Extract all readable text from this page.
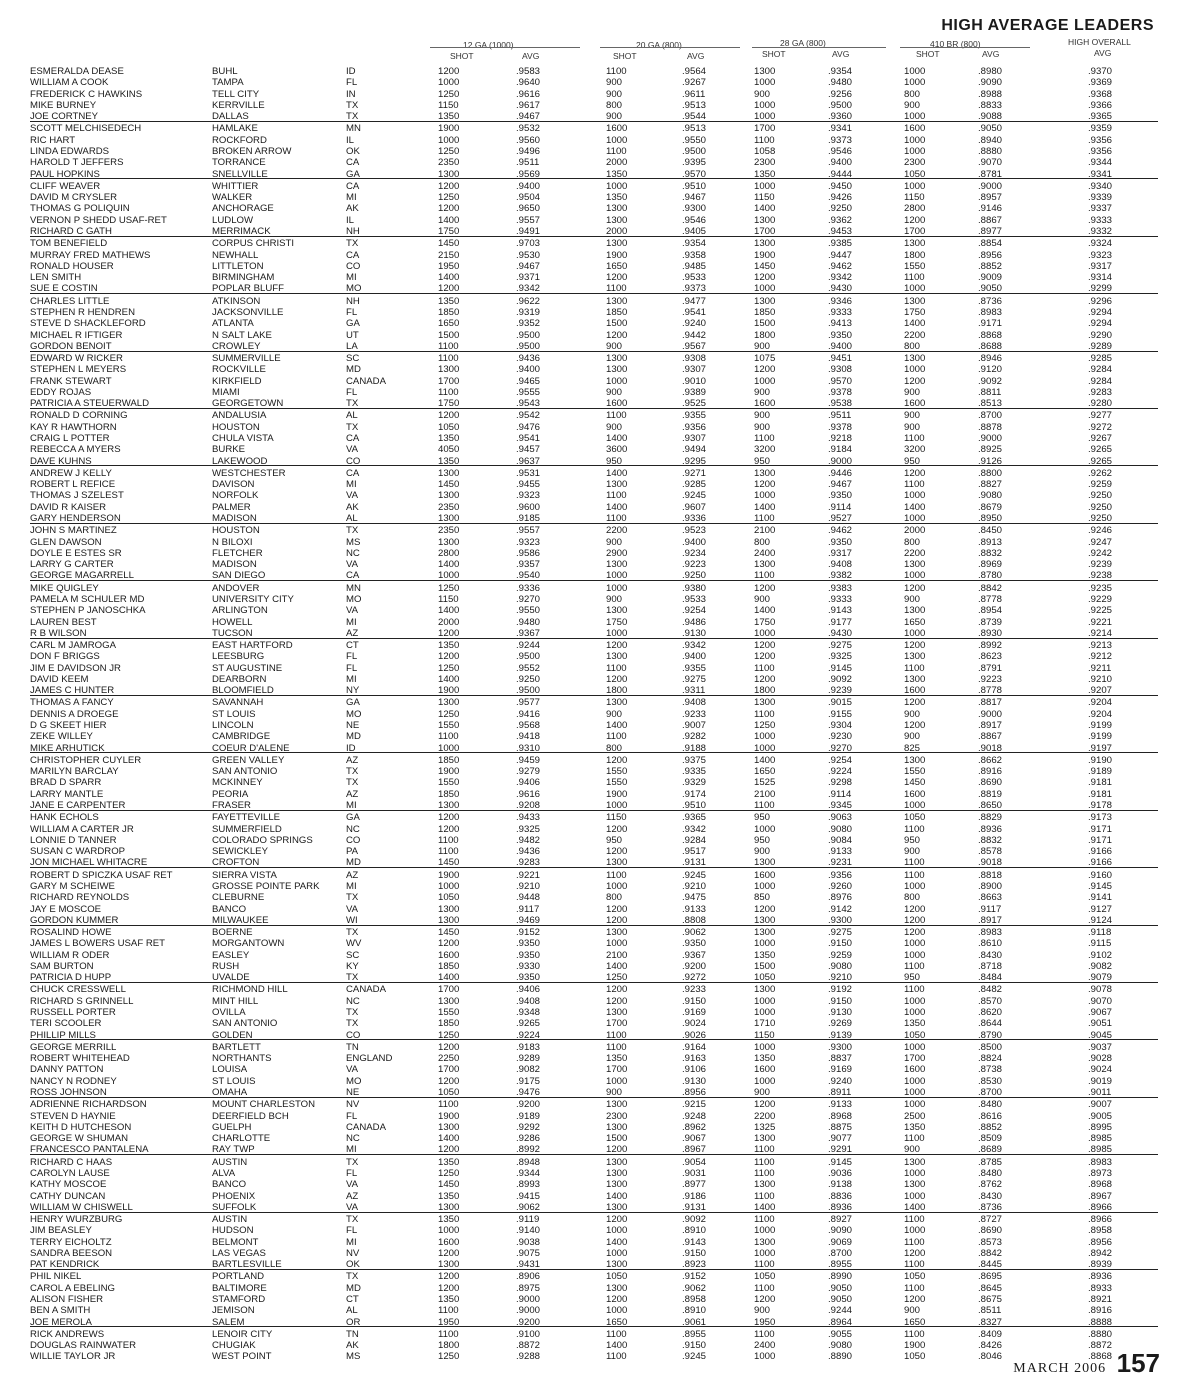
HIGH AVERAGE LEADERS
HIGH OVERALL
12 GA (1000)	20 GA (800)	28 GA (800)	410 BR (800)
SHOT	AVG	SHOT	AVG	SHOT	AVG	SHOT	AVG	AVG
ESMERALDA DEASE	BUHL	ID	1200	.9583	1100	.9564	1300	.9354	1000	.8980	.9370
WILLIAM A COOK	TAMPA	FL	1000	.9640	900	.9267	1000	.9480	1000	.9090	.9369
FREDERICK C HAWKINS	TELL CITY	IN	1250	.9616	900	.9611	900	.9256	800	.8988	.9368
MIKE BURNEY	KERRVILLE	TX	1150	.9617	800	.9513	1000	.9500	900	.8833	.9366
JOE CORTNEY	DALLAS	TX	1350	.9467	900	.9544	1000	.9360	1000	.9088	.9365
SCOTT MELCHISEDECH	HAMLAKE	MN	1900	.9532	1600	.9513	1700	.9341	1600	.9050	.9359
RIC HART	ROCKFORD	IL	1000	.9560	1000	.9550	1100	.9373	1000	.8940	.9356
LINDA EDWARDS	BROKEN ARROW	OK	1250	.9496	1100	.9500	1058	.9546	1000	.8880	.9356
HAROLD T JEFFERS	TORRANCE	CA	2350	.9511	2000	.9395	2300	.9400	2300	.9070	.9344
PAUL HOPKINS	SNELLVILLE	GA	1300	.9569	1350	.9570	1350	.9444	1050	.8781	.9341
CLIFF WEAVER	WHITTIER	CA	1200	.9400	1000	.9510	1000	.9450	1000	.9000	.9340
DAVID M CRYSLER	WALKER	MI	1250	.9504	1350	.9467	1150	.9426	1150	.8957	.9339
THOMAS G POLIQUIN	ANCHORAGE	AK	1200	.9650	1300	.9300	1400	.9250	2800	.9146	.9337
VERNON P SHEDD USAF-RET	LUDLOW	IL	1400	.9557	1300	.9546	1300	.9362	1200	.8867	.9333
RICHARD C GATH	MERRIMACK	NH	1750	.9491	2000	.9405	1700	.9453	1700	.8977	.9332
TOM BENEFIELD	CORPUS CHRISTI	TX	1450	.9703	1300	.9354	1300	.9385	1300	.8854	.9324
MURRAY FRED MATHEWS	NEWHALL	CA	2150	.9530	1900	.9358	1900	.9447	1800	.8956	.9323
RONALD HOUSER	LITTLETON	CO	1950	.9467	1650	.9485	1450	.9462	1550	.8852	.9317
LEN SMITH	BIRMINGHAM	MI	1400	.9371	1200	.9533	1200	.9342	1100	.9009	.9314
SUE E COSTIN	POPLAR BLUFF	MO	1200	.9342	1100	.9373	1000	.9430	1000	.9050	.9299
CHARLES LITTLE	ATKINSON	NH	1350	.9622	1300	.9477	1300	.9346	1300	.8736	.9296
STEPHEN R HENDREN	JACKSONVILLE	FL	1850	.9319	1850	.9541	1850	.9333	1750	.8983	.9294
STEVE D SHACKLEFORD	ATLANTA	GA	1650	.9352	1500	.9240	1500	.9413	1400	.9171	.9294
MICHAEL R IFTIGER	N SALT LAKE	UT	1500	.9500	1200	.9442	1800	.9350	2200	.8868	.9290
GORDON BENOIT	CROWLEY	LA	1100	.9500	900	.9567	900	.9400	800	.8688	.9289
EDWARD W RICKER	SUMMERVILLE	SC	1100	.9436	1300	.9308	1075	.9451	1300	.8946	.9285
STEPHEN L MEYERS	ROCKVILLE	MD	1300	.9400	1300	.9307	1200	.9308	1000	.9120	.9284
FRANK STEWART	KIRKFIELD	CANADA	1700	.9465	1000	.9010	1000	.9570	1200	.9092	.9284
EDDY ROJAS	MIAMI	FL	1100	.9555	900	.9389	900	.9378	900	.8811	.9283
PATRICIA A STEUERWALD	GEORGETOWN	TX	1750	.9543	1600	.9525	1600	.9538	1600	.8513	.9280
RONALD D CORNING	ANDALUSIA	AL	1200	.9542	1100	.9355	900	.9511	900	.8700	.9277
KAY R HAWTHORN	HOUSTON	TX	1050	.9476	900	.9356	900	.9378	900	.8878	.9272
CRAIG L POTTER	CHULA VISTA	CA	1350	.9541	1400	.9307	1100	.9218	1100	.9000	.9267
REBECCA A MYERS	BURKE	VA	4050	.9457	3600	.9494	3200	.9184	3200	.8925	.9265
DAVE KUHNS	LAKEWOOD	CO	1350	.9637	950	.9295	950	.9000	950	.9126	.9265
ANDREW J KELLY	WESTCHESTER	CA	1300	.9531	1400	.9271	1300	.9446	1200	.8800	.9262
ROBERT L REFICE	DAVISON	MI	1450	.9455	1300	.9285	1200	.9467	1100	.8827	.9259
THOMAS J SZELEST	NORFOLK	VA	1300	.9323	1100	.9245	1000	.9350	1000	.9080	.9250
DAVID R KAISER	PALMER	AK	2350	.9600	1400	.9607	1400	.9114	1400	.8679	.9250
GARY HENDERSON	MADISON	AL	1300	.9185	1100	.9336	1100	.9527	1000	.8950	.9250
JOHN S MARTINEZ	HOUSTON	TX	2350	.9557	2200	.9523	2100	.9462	2000	.8450	.9246
GLEN DAWSON	N BILOXI	MS	1300	.9323	900	.9400	800	.9350	800	.8913	.9247
DOYLE E ESTES SR	FLETCHER	NC	2800	.9586	2900	.9234	2400	.9317	2200	.8832	.9242
LARRY G CARTER	MADISON	VA	1400	.9357	1300	.9223	1300	.9408	1300	.8969	.9239
GEORGE MAGARRELL	SAN DIEGO	CA	1000	.9540	1000	.9250	1100	.9382	1000	.8780	.9238
MIKE QUIGLEY	ANDOVER	MN	1250	.9336	1000	.9380	1200	.9383	1200	.8842	.9235
PAMELA M SCHULER MD	UNIVERSITY CITY	MO	1150	.9270	900	.9533	900	.9333	900	.8778	.9229
STEPHEN P JANOSCHKA	ARLINGTON	VA	1400	.9550	1300	.9254	1400	.9143	1300	.8954	.9225
LAUREN BEST	HOWELL	MI	2000	.9480	1750	.9486	1750	.9177	1650	.8739	.9221
R B WILSON	TUCSON	AZ	1200	.9367	1000	.9130	1000	.9430	1000	.8930	.9214
CARL M JAMROGA	EAST HARTFORD	CT	1350	.9244	1200	.9342	1200	.9275	1200	.8992	.9213
DON F BRIGGS	LEESBURG	FL	1200	.9500	1300	.9400	1200	.9325	1300	.8623	.9212
JIM E DAVIDSON JR	ST AUGUSTINE	FL	1250	.9552	1100	.9355	1100	.9145	1100	.8791	.9211
DAVID KEEM	DEARBORN	MI	1400	.9250	1200	.9275	1200	.9092	1300	.9223	.9210
JAMES C HUNTER	BLOOMFIELD	NY	1900	.9500	1800	.9311	1800	.9239	1600	.8778	.9207
THOMAS A FANCY	SAVANNAH	GA	1300	.9577	1300	.9408	1300	.9015	1200	.8817	.9204
DENNIS A DROEGE	ST LOUIS	MO	1250	.9416	900	.9233	1100	.9155	900	.9000	.9204
D G SKEET HIER	LINCOLN	NE	1550	.9568	1400	.9007	1250	.9304	1200	.8917	.9199
ZEKE WILLEY	CAMBRIDGE	MD	1100	.9418	1100	.9282	1000	.9230	900	.8867	.9199
MIKE ARHUTICK	COEUR D'ALENE	ID	1000	.9310	800	.9188	1000	.9270	825	.9018	.9197
CHRISTOPHER CUYLER	GREEN VALLEY	AZ	1850	.9459	1200	.9375	1400	.9254	1300	.8662	.9190
MARILYN BARCLAY	SAN ANTONIO	TX	1900	.9279	1550	.9335	1650	.9224	1550	.8916	.9189
BRAD D SPARR	MCKINNEY	TX	1550	.9406	1550	.9329	1525	.9298	1450	.8690	.9181
LARRY MANTLE	PEORIA	AZ	1850	.9616	1900	.9174	2100	.9114	1600	.8819	.9181
JANE E CARPENTER	FRASER	MI	1300	.9208	1000	.9510	1100	.9345	1000	.8650	.9178
HANK ECHOLS	FAYETTEVILLE	GA	1200	.9433	1150	.9365	950	.9063	1050	.8829	.9173
WILLIAM A CARTER JR	SUMMERFIELD	NC	1200	.9325	1200	.9342	1000	.9080	1100	.8936	.9171
LONNIE D TANNER	COLORADO SPRINGS	CO	1100	.9482	950	.9284	950	.9084	950	.8832	.9171
SUSAN C WARDROP	SEWICKLEY	PA	1100	.9436	1200	.9517	900	.9133	900	.8578	.9166
JON MICHAEL WHITACRE	CROFTON	MD	1450	.9283	1300	.9131	1300	.9231	1100	.9018	.9166
ROBERT D SPICZKA USAF RET	SIERRA VISTA	AZ	1900	.9221	1100	.9245	1600	.9356	1100	.8818	.9160
GARY M SCHEIWE	GROSSE POINTE PARK	MI	1000	.9210	1000	.9210	1000	.9260	1000	.8900	.9145
RICHARD REYNOLDS	CLEBURNE	TX	1050	.9448	800	.9475	850	.8976	800	.8663	.9141
JAY E MOSCOE	BANCO	VA	1300	.9117	1200	.9133	1200	.9142	1200	.9117	.9127
GORDON KUMMER	MILWAUKEE	WI	1300	.9469	1200	.8808	1300	.9300	1200	.8917	.9124
ROSALIND HOWE	BOERNE	TX	1450	.9152	1300	.9062	1300	.9275	1200	.8983	.9118
JAMES L BOWERS USAF RET	MORGANTOWN	WV	1200	.9350	1000	.9350	1000	.9150	1000	.8610	.9115
WILLIAM R ODER	EASLEY	SC	1600	.9350	2100	.9367	1350	.9259	1000	.8430	.9102
SAM BURTON	RUSH	KY	1850	.9330	1400	.9200	1500	.9080	1100	.8718	.9082
PATRICIA D HUPP	UVALDE	TX	1400	.9350	1250	.9272	1050	.9210	950	.8484	.9079
CHUCK CRESSWELL	RICHMOND HILL	CANADA	1700	.9406	1200	.9233	1300	.9192	1100	.8482	.9078
RICHARD S GRINNELL	MINT HILL	NC	1300	.9408	1200	.9150	1000	.9150	1000	.8570	.9070
RUSSELL PORTER	OVILLA	TX	1550	.9348	1300	.9169	1000	.9130	1000	.8620	.9067
TERI SCOOLER	SAN ANTONIO	TX	1850	.9265	1700	.9024	1710	.9269	1350	.8644	.9051
PHILLIP MILLS	GOLDEN	CO	1250	.9224	1100	.9026	1150	.9139	1050	.8790	.9045
GEORGE MERRILL	BARTLETT	TN	1200	.9183	1100	.9164	1000	.9300	1000	.8500	.9037
ROBERT WHITEHEAD	NORTHANTS	ENGLAND	2250	.9289	1350	.9163	1350	.8837	1700	.8824	.9028
DANNY PATTON	LOUISA	VA	1700	.9082	1700	.9106	1600	.9169	1600	.8738	.9024
NANCY N RODNEY	ST LOUIS	MO	1200	.9175	1000	.9130	1000	.9240	1000	.8530	.9019
ROSS JOHNSON	OMAHA	NE	1050	.9476	900	.8956	900	.8911	1000	.8700	.9011
ADRIENNE RICHARDSON	MOUNT CHARLESTON	NV	1100	.9200	1300	.9215	1200	.9133	1000	.8480	.9007
STEVEN D HAYNIE	DEERFIELD BCH	FL	1900	.9189	2300	.9248	2200	.8968	2500	.8616	.9005
KEITH D HUTCHESON	GUELPH	CANADA	1300	.9292	1300	.8962	1325	.8875	1350	.8852	.8995
GEORGE W SHUMAN	CHARLOTTE	NC	1400	.9286	1500	.9067	1300	.9077	1100	.8509	.8985
FRANCESCO PANTALENA	RAY TWP	MI	1200	.8992	1200	.8967	1100	.9291	900	.8689	.8985
RICHARD C HAAS	AUSTIN	TX	1350	.8948	1300	.9054	1100	.9145	1300	.8785	.8983
CAROLYN LAUSE	ALVA	FL	1250	.9344	1300	.9031	1100	.9036	1000	.8480	.8973
KATHY MOSCOE	BANCO	VA	1450	.8993	1300	.8977	1300	.9138	1300	.8762	.8968
CATHY DUNCAN	PHOENIX	AZ	1350	.9415	1400	.9186	1100	.8836	1000	.8430	.8967
WILLIAM W CHISWELL	SUFFOLK	VA	1300	.9062	1300	.9131	1400	.8936	1400	.8736	.8966
HENRY WURZBURG	AUSTIN	TX	1350	.9119	1200	.9092	1100	.8927	1100	.8727	.8966
JIM BEASLEY	HUDSON	FL	1000	.9140	1000	.8910	1000	.9090	1000	.8690	.8958
TERRY EICHOLTZ	BELMONT	MI	1600	.9038	1400	.9143	1300	.9069	1100	.8573	.8956
SANDRA BEESON	LAS VEGAS	NV	1200	.9075	1000	.9150	1000	.8700	1200	.8842	.8942
PAT KENDRICK	BARTLESVILLE	OK	1300	.9431	1300	.8923	1100	.8955	1100	.8445	.8939
PHIL NIKEL	PORTLAND	TX	1200	.8906	1050	.9152	1050	.8990	1050	.8695	.8936
CAROL A EBELING	BALTIMORE	MD	1200	.8975	1300	.9062	1100	.9050	1100	.8645	.8933
ALISON FISHER	STAMFORD	CT	1350	.9000	1200	.8958	1200	.9050	1200	.8675	.8921
BEN A SMITH	JEMISON	AL	1100	.9000	1000	.8910	900	.9244	900	.8511	.8916
JOE MEROLA	SALEM	OR	1950	.9200	1650	.9061	1950	.8964	1650	.8327	.8888
RICK ANDREWS	LENOIR CITY	TN	1100	.9100	1100	.8955	1100	.9055	1100	.8409	.8880
DOUGLAS RAINWATER	CHUGIAK	AK	1800	.8872	1400	.9150	2400	.9080	1900	.8426	.8872
WILLIE TAYLOR JR	WEST POINT	MS	1250	.9288	1100	.9245	1000	.8890	1050	.8046	.8868
MARCH 2006 157
